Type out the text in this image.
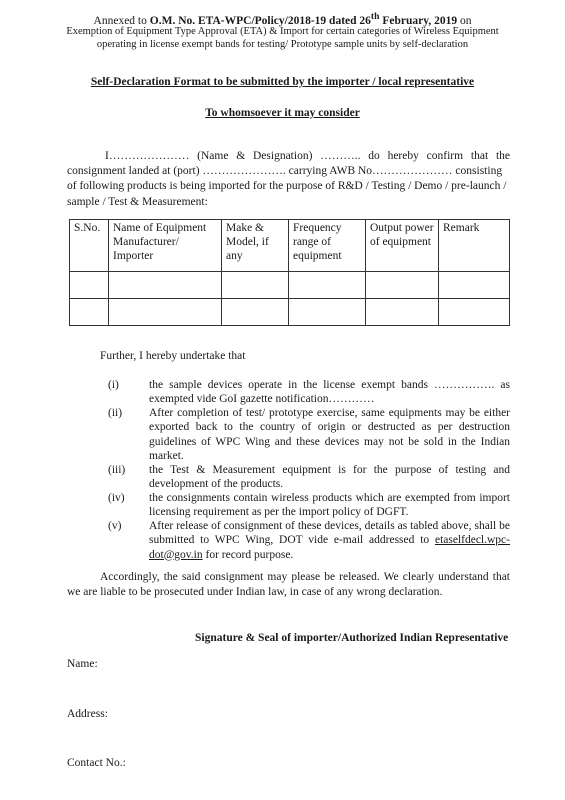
Annexed to O.M. No. ETA-WPC/Policy/2018-19 dated 26th February, 2019 on
Exemption of Equipment Type Approval (ETA) & Import for certain categories of Wireless Equipment
operating in license exempt bands for testing/ Prototype sample units by self-declaration
Self-Declaration Format to be submitted by the importer / local representative
To whomsoever it may consider
I………………… (Name & Designation) ……….. do hereby confirm that the
consignment landed at (port) …………………. carrying AWB No………………… consisting
of following products is being imported for the purpose of R&D / Testing / Demo / pre-launch /
sample / Test & Measurement:
S.No.	Name of Equipment Manufacturer/ Importer	Make & Model, if any	Frequency range of equipment	Output power of equipment	Remark

Further, I hereby undertake that
(i)	the sample devices operate in the license exempt bands ……………. as exempted vide GoI gazette notification…………
(ii)	After completion of test/ prototype exercise, same equipments may be either exported back to the country of origin or destructed as per destruction guidelines of WPC Wing and these devices may not be sold in the Indian market.
(iii)	the Test & Measurement equipment is for the purpose of testing and development of the products.
(iv)	the consignments contain wireless products which are exempted from import licensing requirement as per the import policy of DGFT.
(v)	After release of consignment of these devices, details as tabled above, shall be submitted to WPC Wing, DOT vide e-mail addressed to etaselfdecl.wpc-dot@gov.in for record purpose.
Accordingly, the said consignment may please be released. We clearly understand that we are liable to be prosecuted under Indian law, in case of any wrong declaration.
Signature & Seal of importer/Authorized Indian Representative
Name:
Address:
Contact No.:
